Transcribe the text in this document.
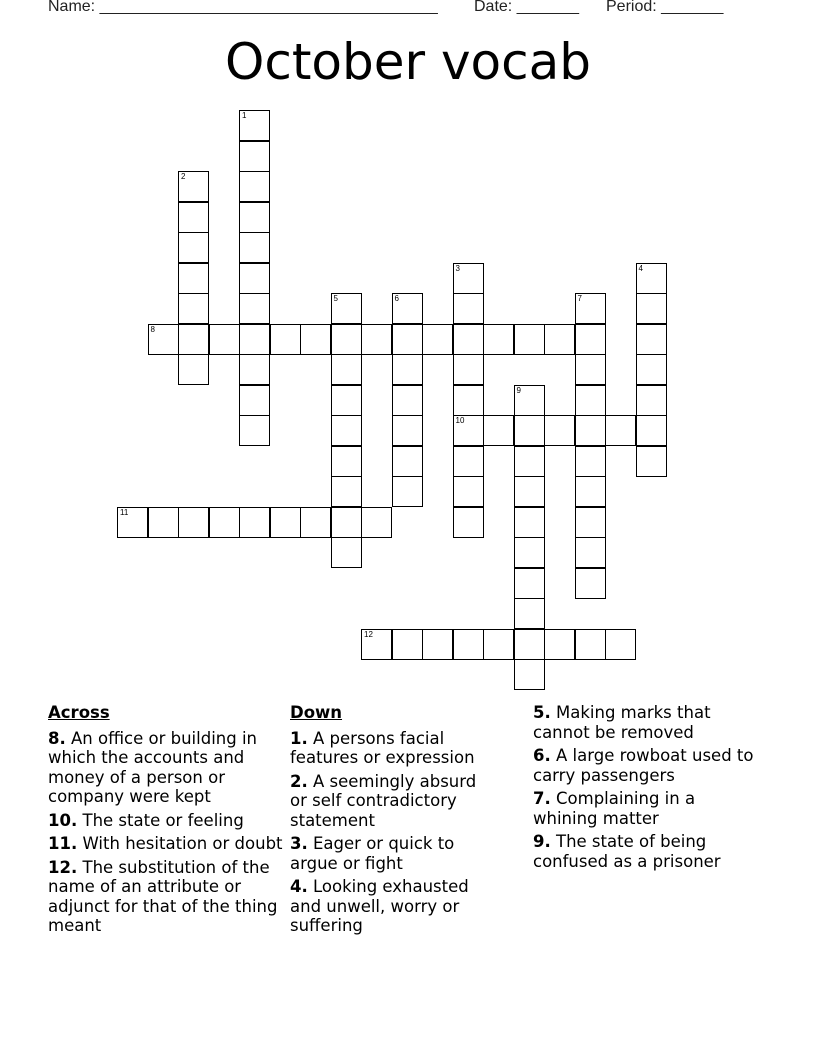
Name: ______________________________________ Date: _______ Period: _______
October vocab
1
2
3
10
4
5	6	7
8
9
11
12
Across
8. An office or building in which the accounts and money of a person or company were kept
10. The state or feeling
11. With hesitation or doubt
12. The substitution of the name of an attribute or adjunct for that of the thing meant
Down
1. A persons facial features or expression
2. A seemingly absurd or self contradictory statement
3. Eager or quick to argue or fight
4. Looking exhausted and unwell, worry or suffering
5. Making marks that cannot be removed
6. A large rowboat used to carry passengers
7. Complaining in a whining matter
9. The state of being confused as a prisoner
